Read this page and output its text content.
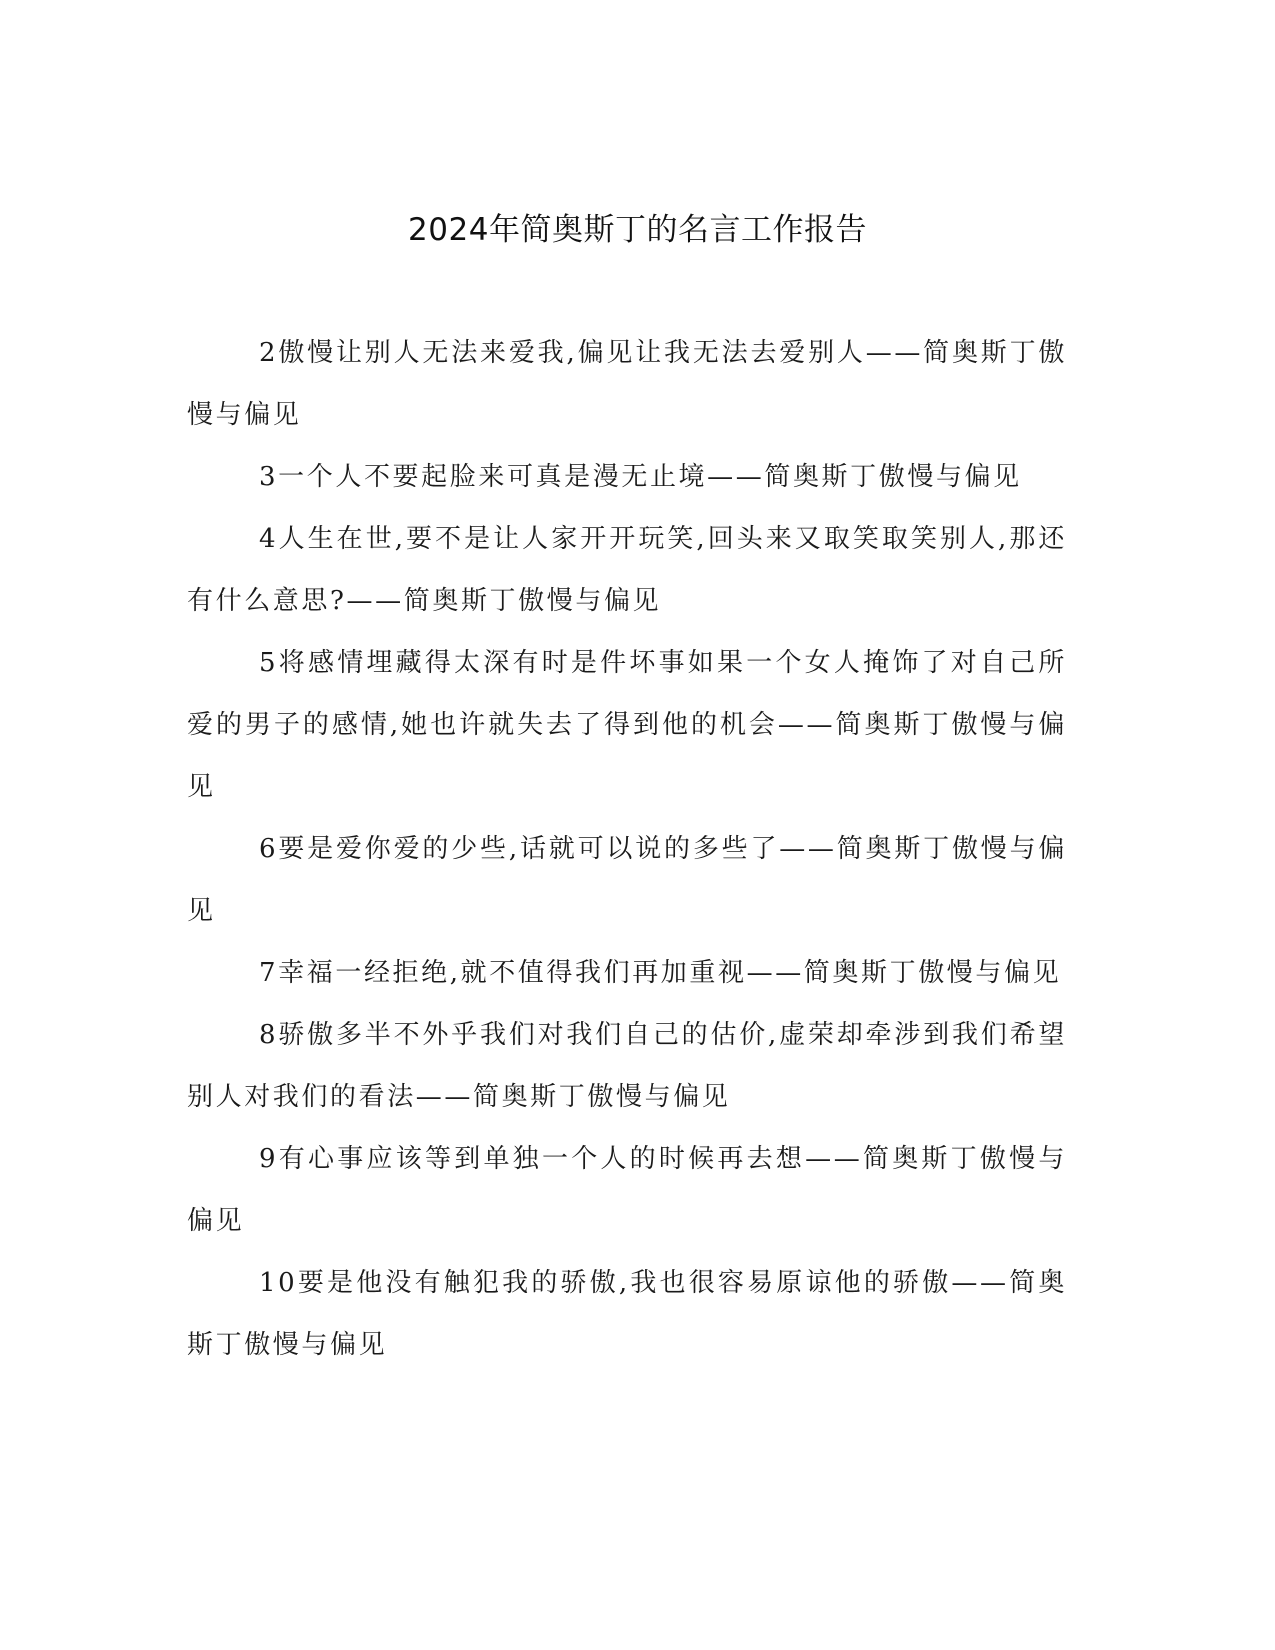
2024年简奥斯丁的名言工作报告

2傲慢让别人无法来爱我,偏见让我无法去爱别人——简奥斯丁傲慢与偏见

3一个人不要起脸来可真是漫无止境——简奥斯丁傲慢与偏见

4人生在世,要不是让人家开开玩笑,回头来又取笑取笑别人,那还有什么意思?——简奥斯丁傲慢与偏见

5将感情埋藏得太深有时是件坏事如果一个女人掩饰了对自己所爱的男子的感情,她也许就失去了得到他的机会——简奥斯丁傲慢与偏见

6要是爱你爱的少些,话就可以说的多些了——简奥斯丁傲慢与偏见

7幸福一经拒绝,就不值得我们再加重视——简奥斯丁傲慢与偏见

8骄傲多半不外乎我们对我们自己的估价,虚荣却牵涉到我们希望别人对我们的看法——简奥斯丁傲慢与偏见

9有心事应该等到单独一个人的时候再去想——简奥斯丁傲慢与偏见

10要是他没有触犯我的骄傲,我也很容易原谅他的骄傲——简奥斯丁傲慢与偏见
